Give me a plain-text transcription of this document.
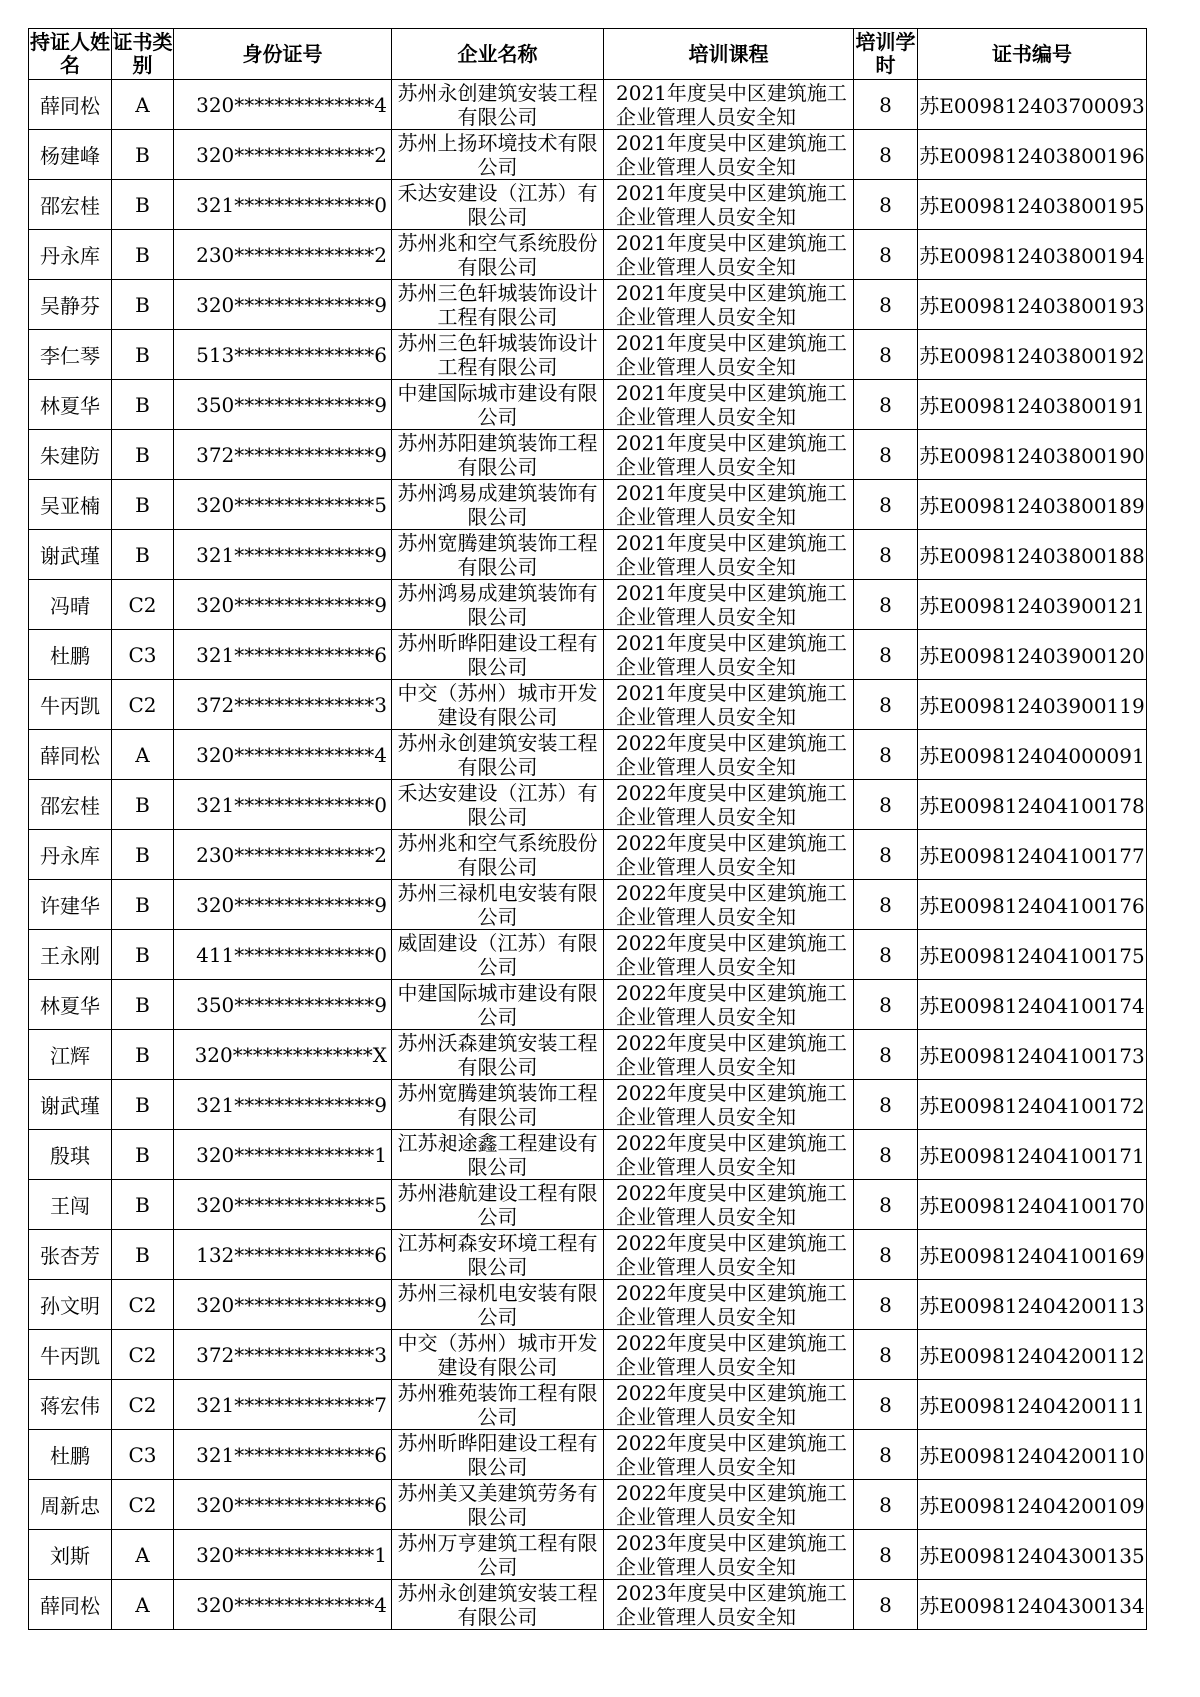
持证人姓名	证书类别	身份证号	企业名称	培训课程	培训学时	证书编号
薛同松	A	320**************4	苏州永创建筑安装工程有限公司	2021年度吴中区建筑施工企业管理人员安全知	8	苏E009812403700093
杨建峰	B	320**************2	苏州上扬环境技术有限公司	2021年度吴中区建筑施工企业管理人员安全知	8	苏E009812403800196
邵宏桂	B	321**************0	禾达安建设（江苏）有限公司	2021年度吴中区建筑施工企业管理人员安全知	8	苏E009812403800195
丹永库	B	230**************2	苏州兆和空气系统股份有限公司	2021年度吴中区建筑施工企业管理人员安全知	8	苏E009812403800194
吴静芬	B	320**************9	苏州三色轩城装饰设计工程有限公司	2021年度吴中区建筑施工企业管理人员安全知	8	苏E009812403800193
李仁琴	B	513**************6	苏州三色轩城装饰设计工程有限公司	2021年度吴中区建筑施工企业管理人员安全知	8	苏E009812403800192
林夏华	B	350**************9	中建国际城市建设有限公司	2021年度吴中区建筑施工企业管理人员安全知	8	苏E009812403800191
朱建防	B	372**************9	苏州苏阳建筑装饰工程有限公司	2021年度吴中区建筑施工企业管理人员安全知	8	苏E009812403800190
吴亚楠	B	320**************5	苏州鸿易成建筑装饰有限公司	2021年度吴中区建筑施工企业管理人员安全知	8	苏E009812403800189
谢武瑾	B	321**************9	苏州宽腾建筑装饰工程有限公司	2021年度吴中区建筑施工企业管理人员安全知	8	苏E009812403800188
冯晴	C2	320**************9	苏州鸿易成建筑装饰有限公司	2021年度吴中区建筑施工企业管理人员安全知	8	苏E009812403900121
杜鹏	C3	321**************6	苏州昕晔阳建设工程有限公司	2021年度吴中区建筑施工企业管理人员安全知	8	苏E009812403900120
牛丙凯	C2	372**************3	中交（苏州）城市开发建设有限公司	2021年度吴中区建筑施工企业管理人员安全知	8	苏E009812403900119
薛同松	A	320**************4	苏州永创建筑安装工程有限公司	2022年度吴中区建筑施工企业管理人员安全知	8	苏E009812404000091
邵宏桂	B	321**************0	禾达安建设（江苏）有限公司	2022年度吴中区建筑施工企业管理人员安全知	8	苏E009812404100178
丹永库	B	230**************2	苏州兆和空气系统股份有限公司	2022年度吴中区建筑施工企业管理人员安全知	8	苏E009812404100177
许建华	B	320**************9	苏州三禄机电安装有限公司	2022年度吴中区建筑施工企业管理人员安全知	8	苏E009812404100176
王永刚	B	411**************0	威固建设（江苏）有限公司	2022年度吴中区建筑施工企业管理人员安全知	8	苏E009812404100175
林夏华	B	350**************9	中建国际城市建设有限公司	2022年度吴中区建筑施工企业管理人员安全知	8	苏E009812404100174
江辉	B	320**************X	苏州沃森建筑安装工程有限公司	2022年度吴中区建筑施工企业管理人员安全知	8	苏E009812404100173
谢武瑾	B	321**************9	苏州宽腾建筑装饰工程有限公司	2022年度吴中区建筑施工企业管理人员安全知	8	苏E009812404100172
殷琪	B	320**************1	江苏昶途鑫工程建设有限公司	2022年度吴中区建筑施工企业管理人员安全知	8	苏E009812404100171
王闯	B	320**************5	苏州港航建设工程有限公司	2022年度吴中区建筑施工企业管理人员安全知	8	苏E009812404100170
张杏芳	B	132**************6	江苏柯森安环境工程有限公司	2022年度吴中区建筑施工企业管理人员安全知	8	苏E009812404100169
孙文明	C2	320**************9	苏州三禄机电安装有限公司	2022年度吴中区建筑施工企业管理人员安全知	8	苏E009812404200113
牛丙凯	C2	372**************3	中交（苏州）城市开发建设有限公司	2022年度吴中区建筑施工企业管理人员安全知	8	苏E009812404200112
蒋宏伟	C2	321**************7	苏州雅苑装饰工程有限公司	2022年度吴中区建筑施工企业管理人员安全知	8	苏E009812404200111
杜鹏	C3	321**************6	苏州昕晔阳建设工程有限公司	2022年度吴中区建筑施工企业管理人员安全知	8	苏E009812404200110
周新忠	C2	320**************6	苏州美又美建筑劳务有限公司	2022年度吴中区建筑施工企业管理人员安全知	8	苏E009812404200109
刘斯	A	320**************1	苏州万亨建筑工程有限公司	2023年度吴中区建筑施工企业管理人员安全知	8	苏E009812404300135
薛同松	A	320**************4	苏州永创建筑安装工程有限公司	2023年度吴中区建筑施工企业管理人员安全知	8	苏E009812404300134
